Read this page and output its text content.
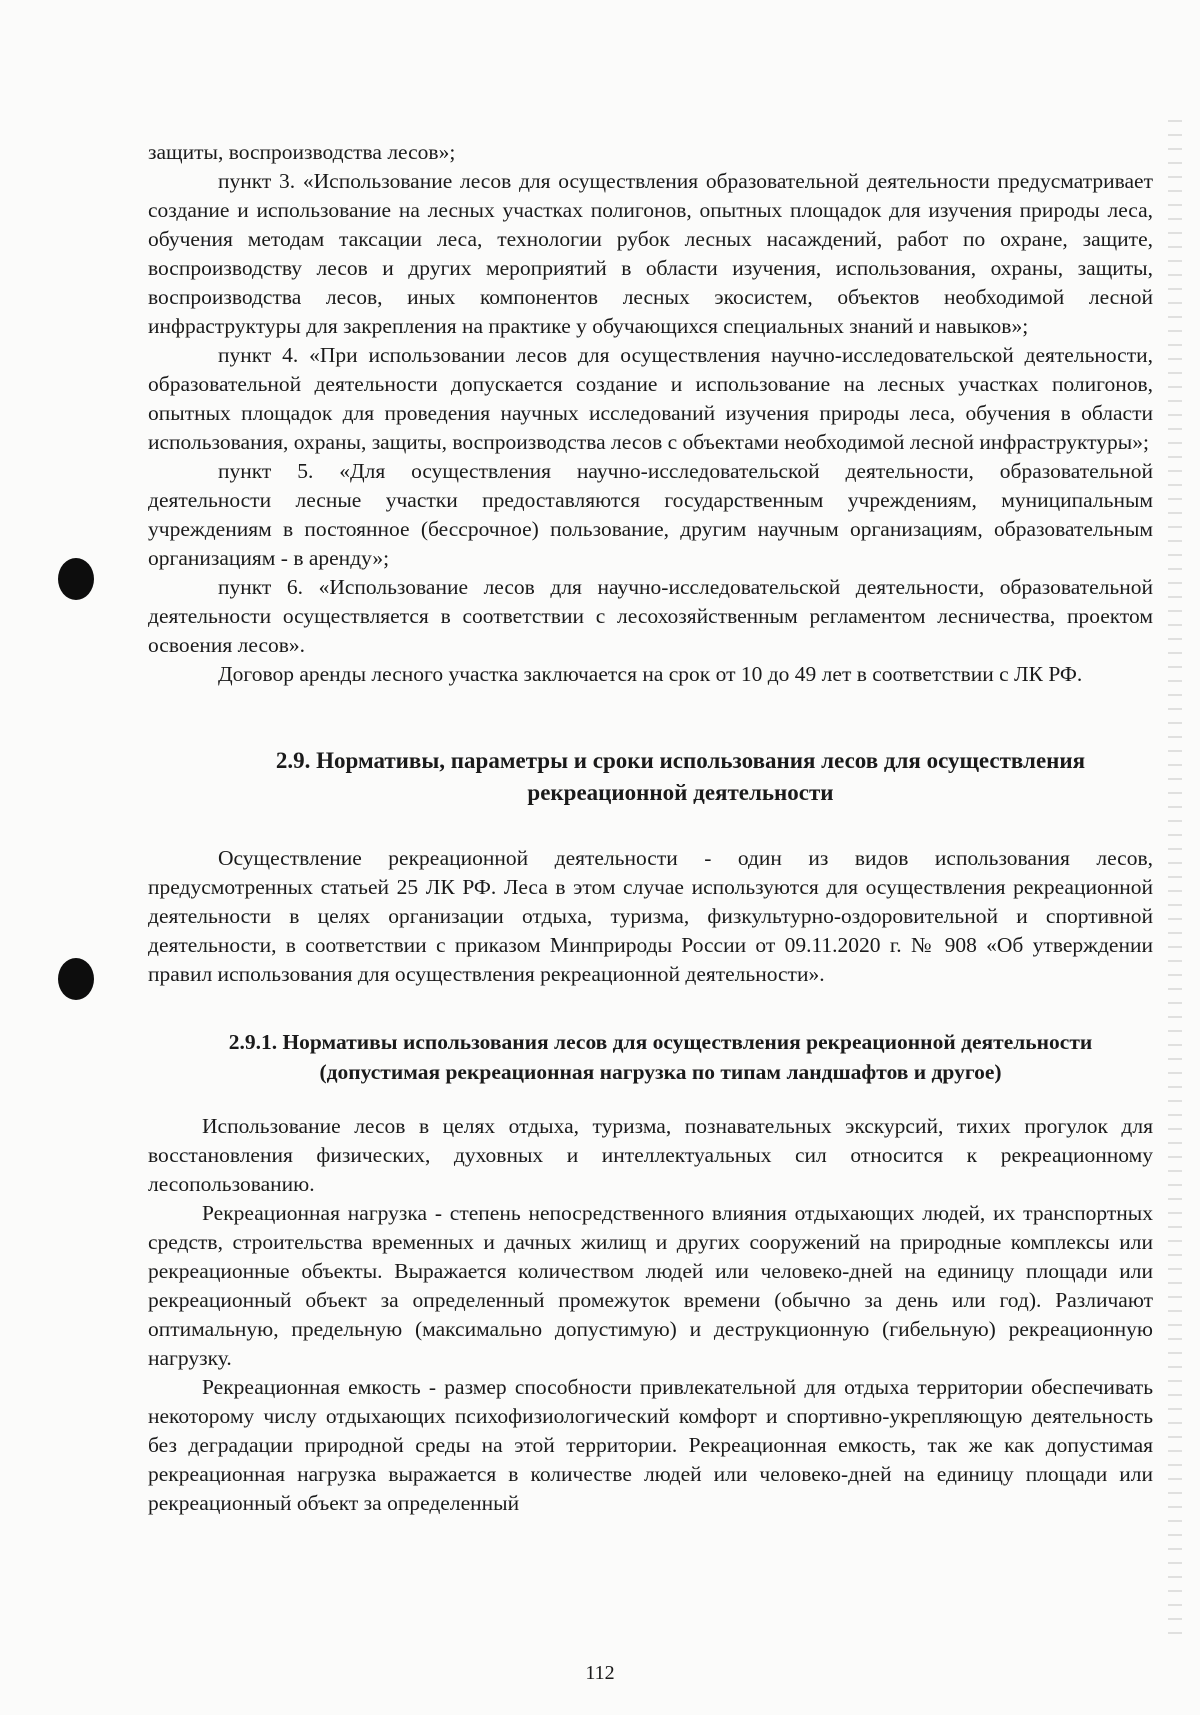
защиты, воспроизводства лесов»;

пункт 3. «Использование лесов для осуществления образовательной деятельности предусматривает создание и использование на лесных участках полигонов, опытных площадок для изучения природы леса, обучения методам таксации леса, технологии рубок лесных насаждений, работ по охране, защите, воспроизводству лесов и других мероприятий в области изучения, использования, охраны, защиты, воспроизводства лесов, иных компонентов лесных экосистем, объектов необходимой лесной инфраструктуры для закрепления на практике у обучающихся специальных знаний и навыков»;

пункт 4. «При использовании лесов для осуществления научно-исследовательской деятельности, образовательной деятельности допускается создание и использование на лесных участках полигонов, опытных площадок для проведения научных исследований изучения природы леса, обучения в области использования, охраны, защиты, воспроизводства лесов с объектами необходимой лесной инфраструктуры»;

пункт 5. «Для осуществления научно-исследовательской деятельности, образовательной деятельности лесные участки предоставляются государственным учреждениям, муниципальным учреждениям в постоянное (бессрочное) пользование, другим научным организациям, образовательным организациям - в аренду»;

пункт 6. «Использование лесов для научно-исследовательской деятельности, образовательной деятельности осуществляется в соответствии с лесохозяйственным регламентом лесничества, проектом освоения лесов».

Договор аренды лесного участка заключается на срок от 10 до 49 лет в соответствии с ЛК РФ.

2.9. Нормативы, параметры и сроки использования лесов для осуществления рекреационной деятельности

Осуществление рекреационной деятельности - один из видов использования лесов, предусмотренных статьей 25 ЛК РФ. Леса в этом случае используются для осуществления рекреационной деятельности в целях организации отдыха, туризма, физкультурно-оздоровительной и спортивной деятельности, в соответствии с приказом Минприроды России от 09.11.2020 г. № 908 «Об утверждении правил использования для осуществления рекреационной деятельности».

2.9.1. Нормативы использования лесов для осуществления рекреационной деятельности (допустимая рекреационная нагрузка по типам ландшафтов и другое)

Использование лесов в целях отдыха, туризма, познавательных экскурсий, тихих прогулок для восстановления физических, духовных и интеллектуальных сил относится к рекреационному лесопользованию.

Рекреационная нагрузка - степень непосредственного влияния отдыхающих людей, их транспортных средств, строительства временных и дачных жилищ и других сооружений на природные комплексы или рекреационные объекты. Выражается количеством людей или человеко-дней на единицу площади или рекреационный объект за определенный промежуток времени (обычно за день или год). Различают оптимальную, предельную (максимально допустимую) и деструкционную (гибельную) рекреационную нагрузку.

Рекреационная емкость - размер способности привлекательной для отдыха территории обеспечивать некоторому числу отдыхающих психофизиологический комфорт и спортивно-укрепляющую деятельность без деградации природной среды на этой территории. Рекреационная емкость, так же как допустимая рекреационная нагрузка выражается в количестве людей или человеко-дней на единицу площади или рекреационный объект за определенный

112
